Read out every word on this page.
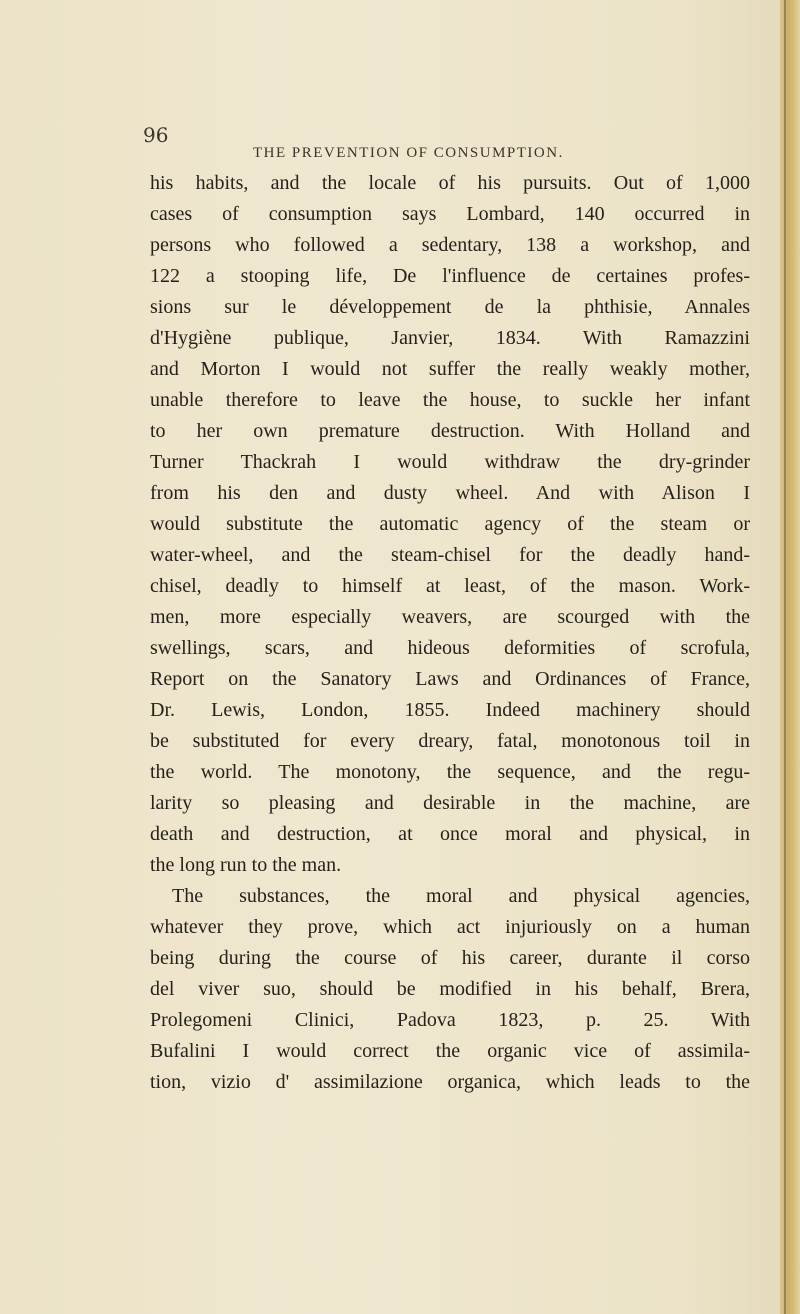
96
THE PREVENTION OF CONSUMPTION.
his habits, and the locale of his pursuits. Out of 1,000
cases of consumption says Lombard, 140 occurred in
persons who followed a sedentary, 138 a workshop, and
122 a stooping life, De l'influence de certaines profes-
sions sur le développement de la phthisie, Annales
d'Hygiène publique, Janvier, 1834. With Ramazzini
and Morton I would not suffer the really weakly mother,
unable therefore to leave the house, to suckle her infant
to her own premature destruction. With Holland and
Turner Thackrah I would withdraw the dry-grinder
from his den and dusty wheel. And with Alison I
would substitute the automatic agency of the steam or
water-wheel, and the steam-chisel for the deadly hand-
chisel, deadly to himself at least, of the mason. Work-
men, more especially weavers, are scourged with the
swellings, scars, and hideous deformities of scrofula,
Report on the Sanatory Laws and Ordinances of France,
Dr. Lewis, London, 1855. Indeed machinery should
be substituted for every dreary, fatal, monotonous toil in
the world. The monotony, the sequence, and the regu-
larity so pleasing and desirable in the machine, are
death and destruction, at once moral and physical, in
the long run to the man.
The substances, the moral and physical agencies,
whatever they prove, which act injuriously on a human
being during the course of his career, durante il corso
del viver suo, should be modified in his behalf, Brera,
Prolegomeni Clinici, Padova 1823, p. 25. With
Bufalini I would correct the organic vice of assimila-
tion, vizio d' assimilazione organica, which leads to the
